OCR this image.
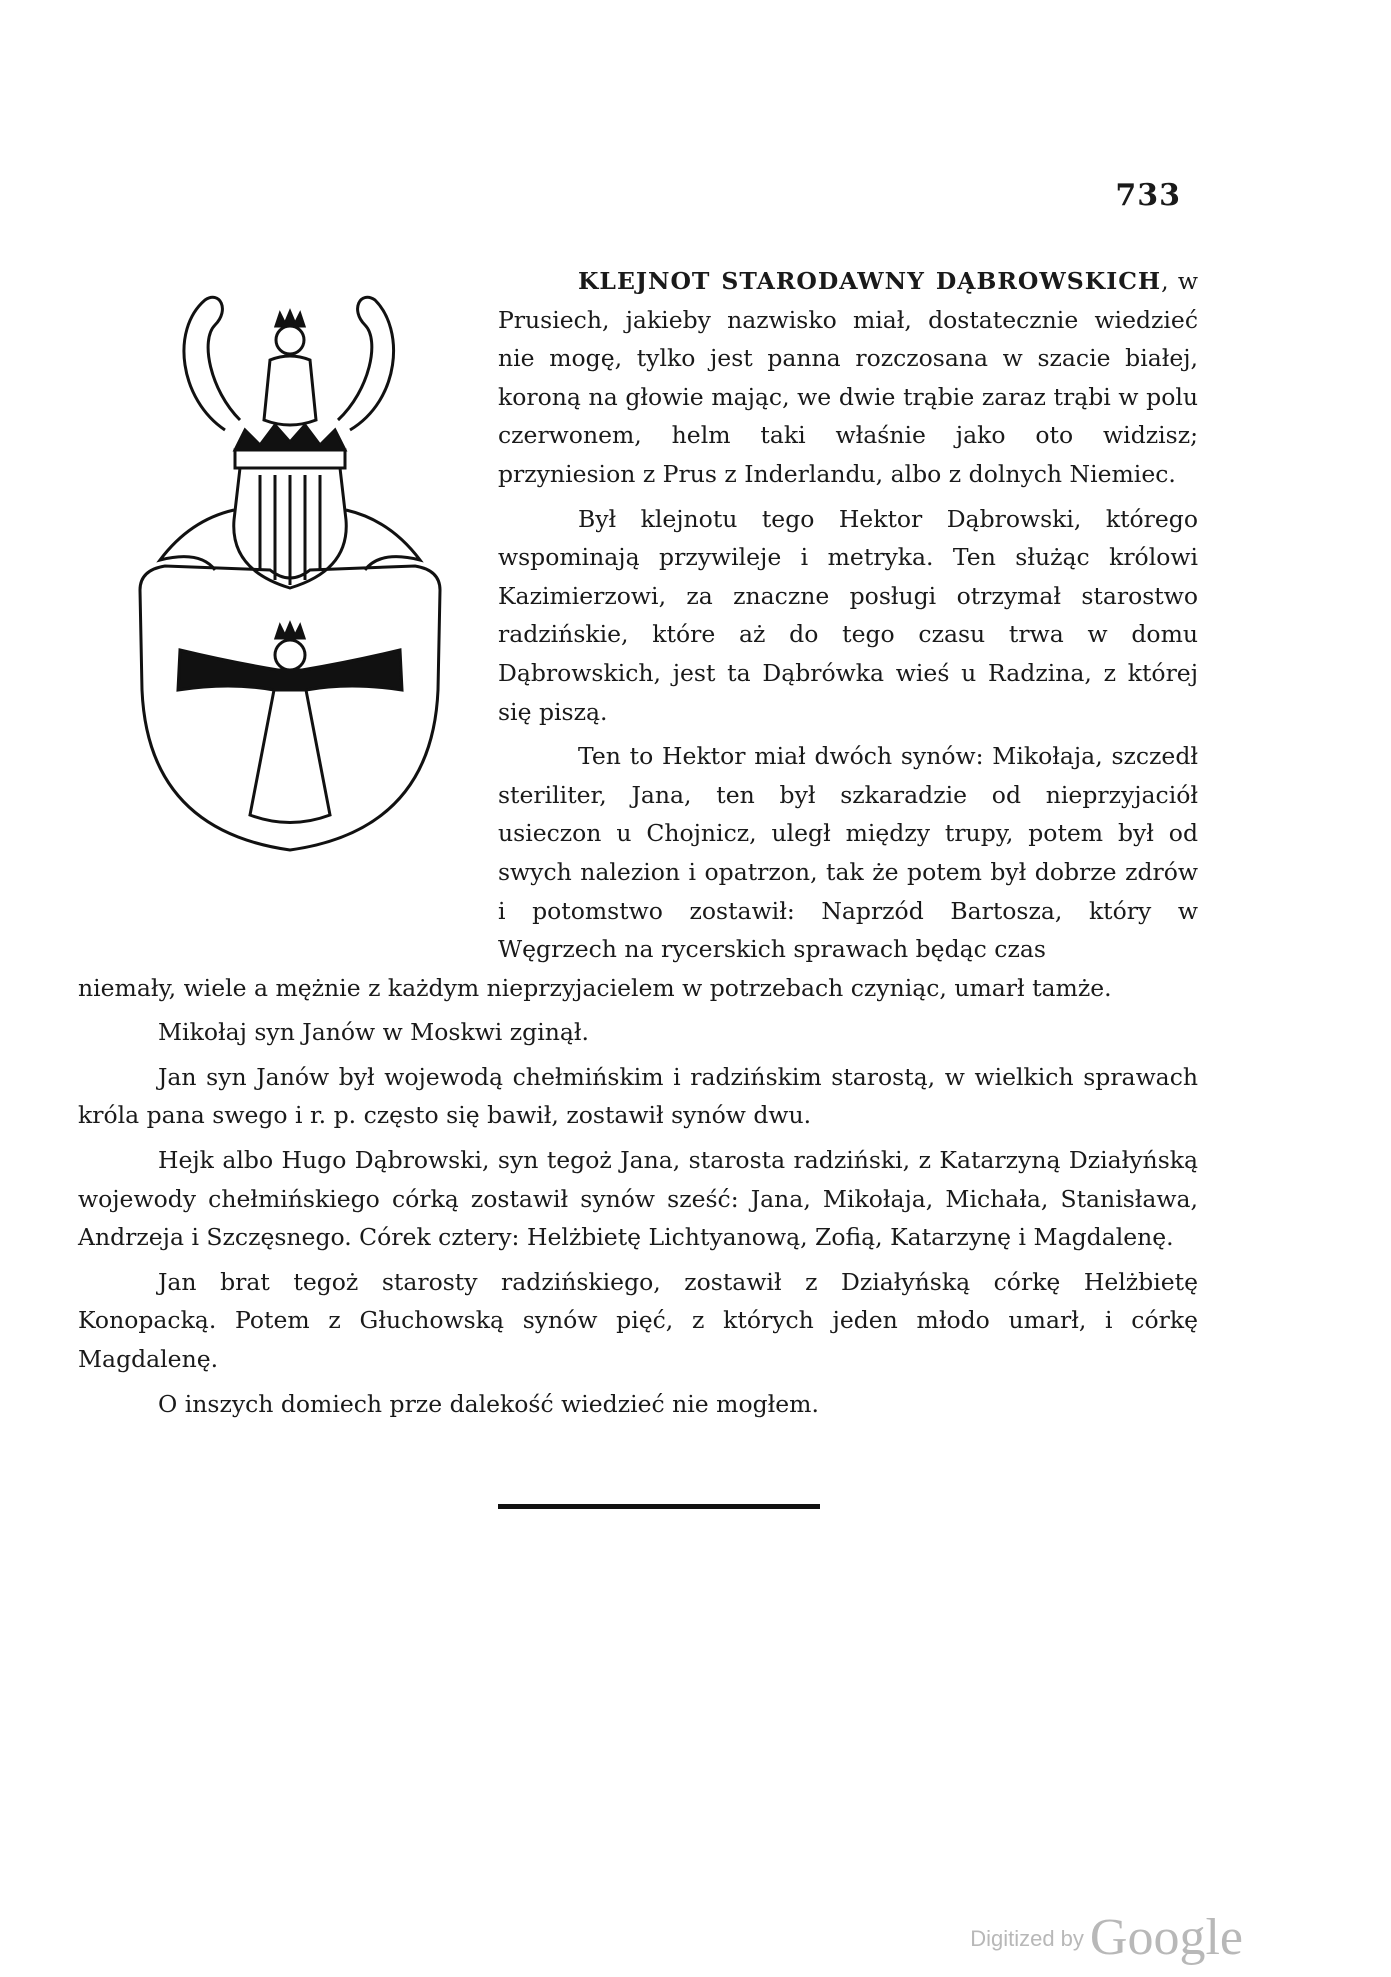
733

KLEJNOT STARODAWNY DĄBROWSKICH, w Prusiech, jakieby nazwisko miał, dostatecznie wiedzieć nie mogę, tylko jest panna rozczosana w szacie białej, koroną na głowie mając, we dwie trąbie zaraz trąbi w polu czerwonem, helm taki właśnie jako oto widzisz; przyniesion z Prus z Inderlandu, albo z dolnych Niemiec.

Był klejnotu tego Hektor Dąbrowski, którego wspominają przywileje i metryka. Ten służąc królowi Kazimierzowi, za znaczne posługi otrzymał starostwo radzińskie, które aż do tego czasu trwa w domu Dąbrowskich, jest ta Dąbrówka wieś u Radzina, z której się piszą.

Ten to Hektor miał dwóch synów: Mikołaja, szczedł steriliter, Jana, ten był szkaradzie od nieprzyjaciół usieczon u Chojnicz, uległ między trupy, potem był od swych nalezion i opatrzon, tak że potem był dobrze zdrów i potomstwo zostawił: Naprzód Bartosza, który w Węgrzech na rycerskich sprawach będąc czas

niemały, wiele a mężnie z każdym nieprzyjacielem w potrzebach czyniąc, umarł tamże.

Mikołaj syn Janów w Moskwi zginął.

Jan syn Janów był wojewodą chełmińskim i radzińskim starostą, w wielkich sprawach króla pana swego i r. p. często się bawił, zostawił synów dwu.

Hejk albo Hugo Dąbrowski, syn tegoż Jana, starosta radziński, z Katarzyną Działyńską wojewody chełmińskiego córką zostawił synów sześć: Jana, Mikołaja, Michała, Stanisława, Andrzeja i Szczęsnego. Córek cztery: Helżbietę Lichtyanową, Zofią, Katarzynę i Magdalenę.

Jan brat tegoż starosty radzińskiego, zostawił z Działyńską córkę Helżbietę Konopacką. Potem z Głuchowską synów pięć, z których jeden młodo umarł, i córkę Magdalenę.

O inszych domiech prze dalekość wiedzieć nie mogłem.

Digitized by Google
